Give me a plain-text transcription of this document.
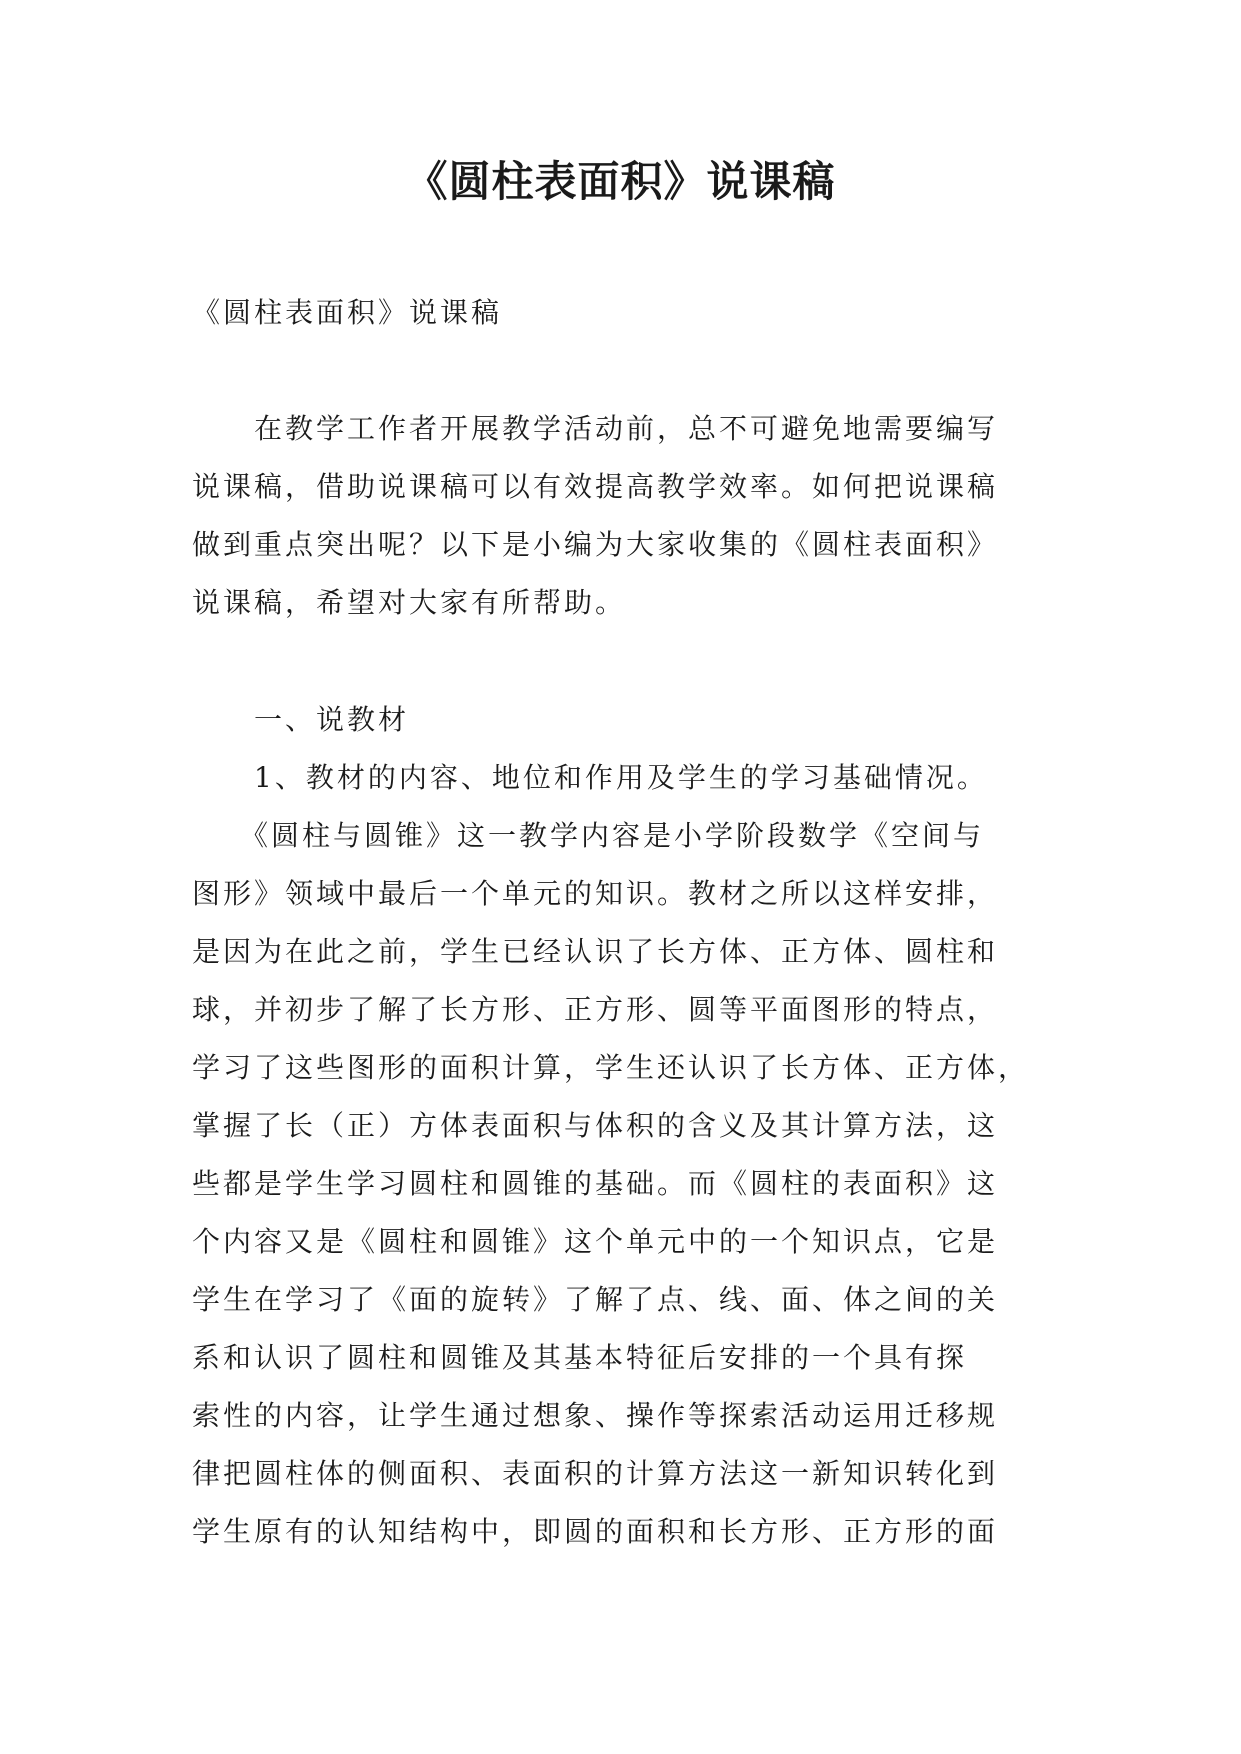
《圆柱表面积》说课稿

《圆柱表面积》说课稿

　　在教学工作者开展教学活动前，总不可避免地需要编写
说课稿，借助说课稿可以有效提高教学效率。如何把说课稿
做到重点突出呢？以下是小编为大家收集的《圆柱表面积》
说课稿，希望对大家有所帮助。

　　一、说教材

　　1、教材的内容、地位和作用及学生的学习基础情况。

　　《圆柱与圆锥》这一教学内容是小学阶段数学《空间与
图形》领域中最后一个单元的知识。教材之所以这样安排，
是因为在此之前，学生已经认识了长方体、正方体、圆柱和
球，并初步了解了长方形、正方形、圆等平面图形的特点，
学习了这些图形的面积计算，学生还认识了长方体、正方体，
掌握了长（正）方体表面积与体积的含义及其计算方法，这
些都是学生学习圆柱和圆锥的基础。而《圆柱的表面积》这
个内容又是《圆柱和圆锥》这个单元中的一个知识点，它是
学生在学习了《面的旋转》了解了点、线、面、体之间的关
系和认识了圆柱和圆锥及其基本特征后安排的一个具有探
索性的内容，让学生通过想象、操作等探索活动运用迁移规
律把圆柱体的侧面积、表面积的计算方法这一新知识转化到
学生原有的认知结构中，即圆的面积和长方形、正方形的面
